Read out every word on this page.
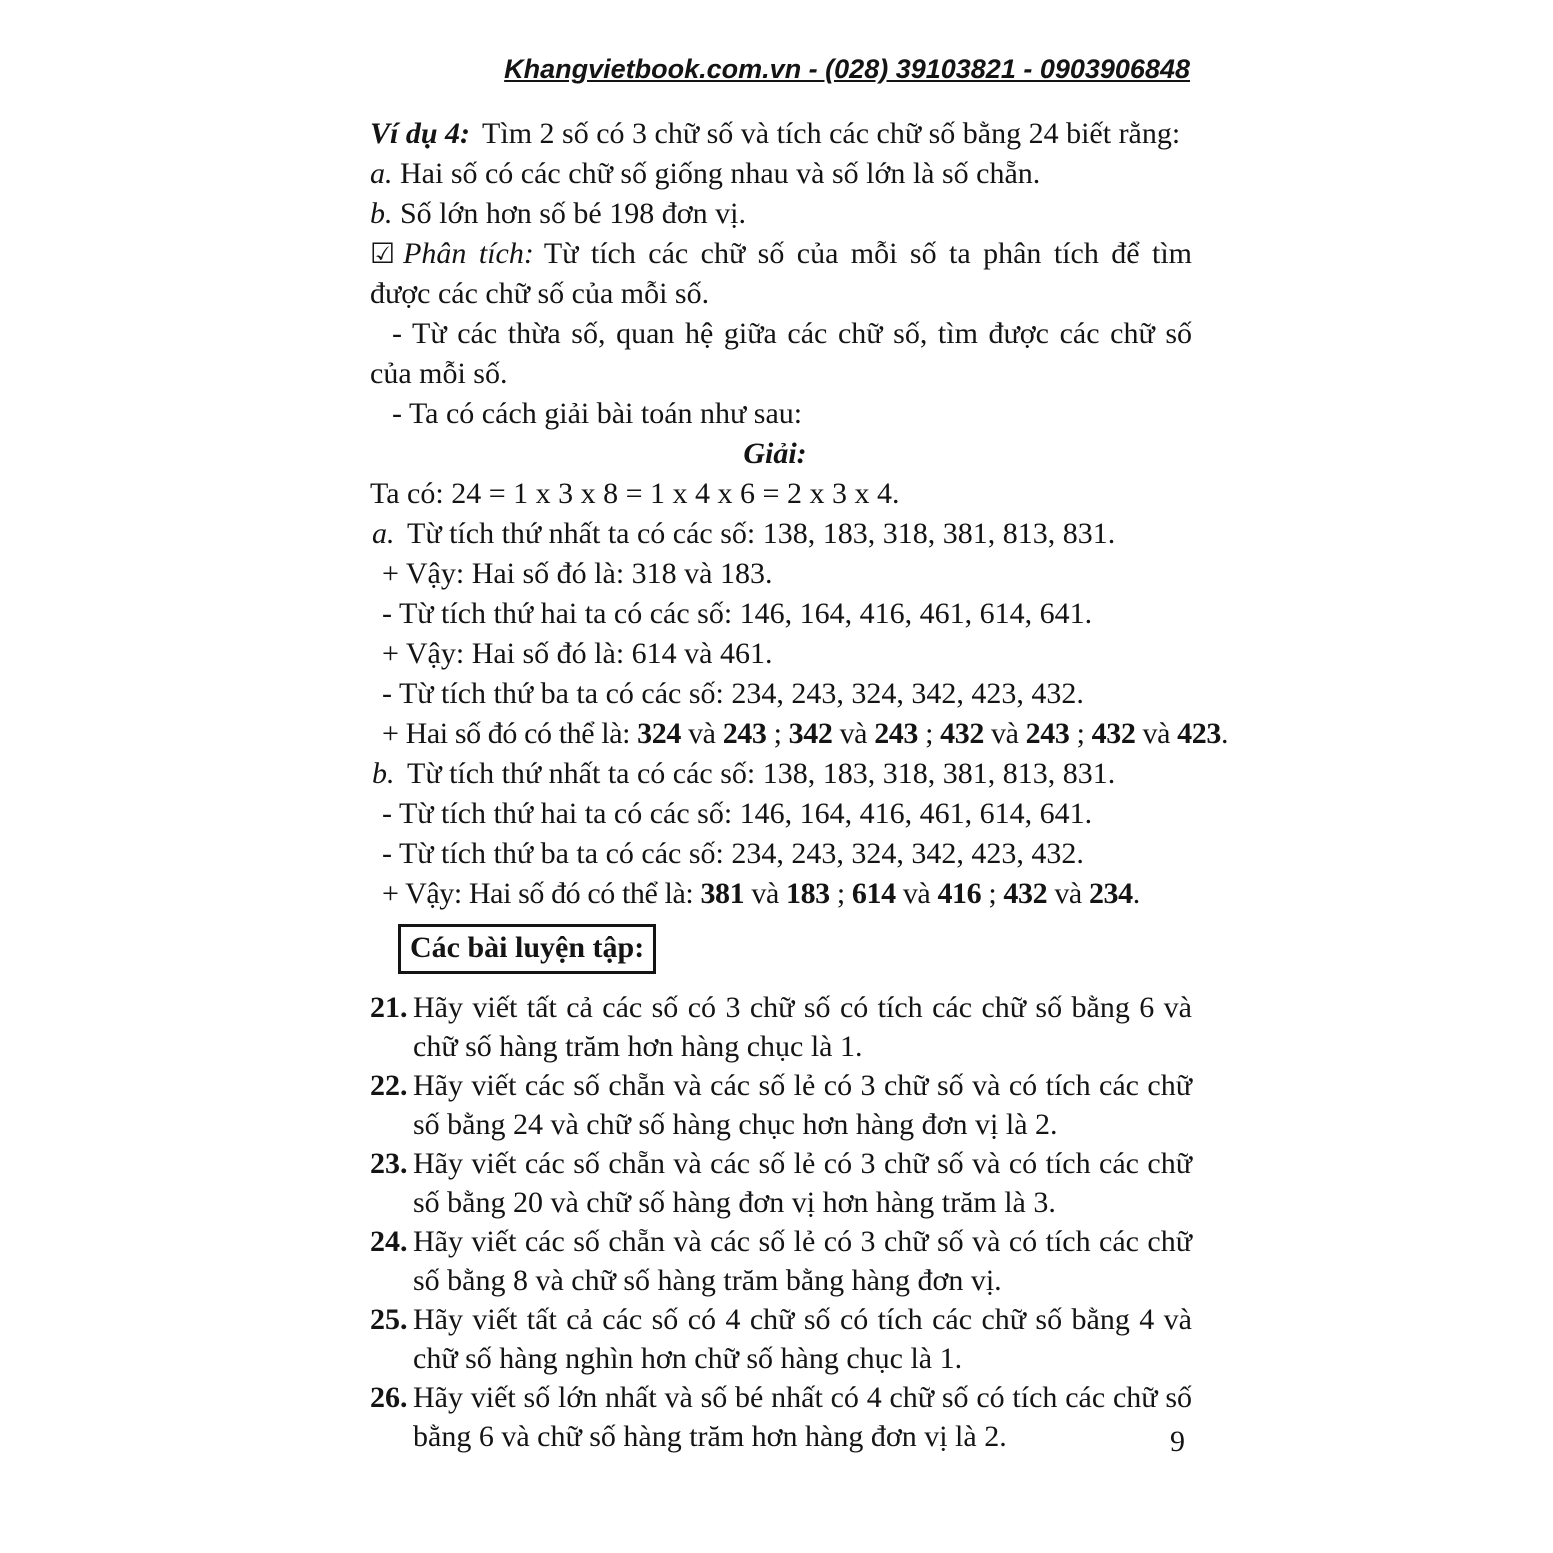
Khangvietbook.com.vn - (028) 39103821 - 0903906848

Ví dụ 4: Tìm 2 số có 3 chữ số và tích các chữ số bằng 24 biết rằng:

a. Hai số có các chữ số giống nhau và số lớn là số chẵn.

b. Số lớn hơn số bé 198 đơn vị.

☑ Phân tích: Từ tích các chữ số của mỗi số ta phân tích để tìm được các chữ số của mỗi số.

- Từ các thừa số, quan hệ giữa các chữ số, tìm được các chữ số của mỗi số.

- Ta có cách giải bài toán như sau:

Giải:

Ta có: 24 = 1 x 3 x 8 = 1 x 4 x 6 = 2 x 3 x 4.

a. Từ tích thứ nhất ta có các số: 138, 183, 318, 381, 813, 831.
+ Vậy: Hai số đó là: 318 và 183.
- Từ tích thứ hai ta có các số: 146, 164, 416, 461, 614, 641.
+ Vậy: Hai số đó là: 614 và 461.
- Từ tích thứ ba ta có các số: 234, 243, 324, 342, 423, 432.
+ Hai số đó có thể là: 324 và 243 ; 342 và 243 ; 432 và 243 ; 432 và 423.
b. Từ tích thứ nhất ta có các số: 138, 183, 318, 381, 813, 831.
- Từ tích thứ hai ta có các số: 146, 164, 416, 461, 614, 641.
- Từ tích thứ ba ta có các số: 234, 243, 324, 342, 423, 432.
+ Vậy: Hai số đó có thể là: 381 và 183 ; 614 và 416 ; 432 và 234.
Các bài luyện tập:

21. Hãy viết tất cả các số có 3 chữ số có tích các chữ số bằng 6 và chữ số hàng trăm hơn hàng chục là 1.

22. Hãy viết các số chẵn và các số lẻ có 3 chữ số và có tích các chữ số bằng 24 và chữ số hàng chục hơn hàng đơn vị là 2.

23. Hãy viết các số chẵn và các số lẻ có 3 chữ số và có tích các chữ số bằng 20 và chữ số hàng đơn vị hơn hàng trăm là 3.

24. Hãy viết các số chẵn và các số lẻ có 3 chữ số và có tích các chữ số bằng 8 và chữ số hàng trăm bằng hàng đơn vị.

25. Hãy viết tất cả các số có 4 chữ số có tích các chữ số bằng 4 và chữ số hàng nghìn hơn chữ số hàng chục là 1.

26. Hãy viết số lớn nhất và số bé nhất có 4 chữ số có tích các chữ số bằng 6 và chữ số hàng trăm hơn hàng đơn vị là 2.	9
